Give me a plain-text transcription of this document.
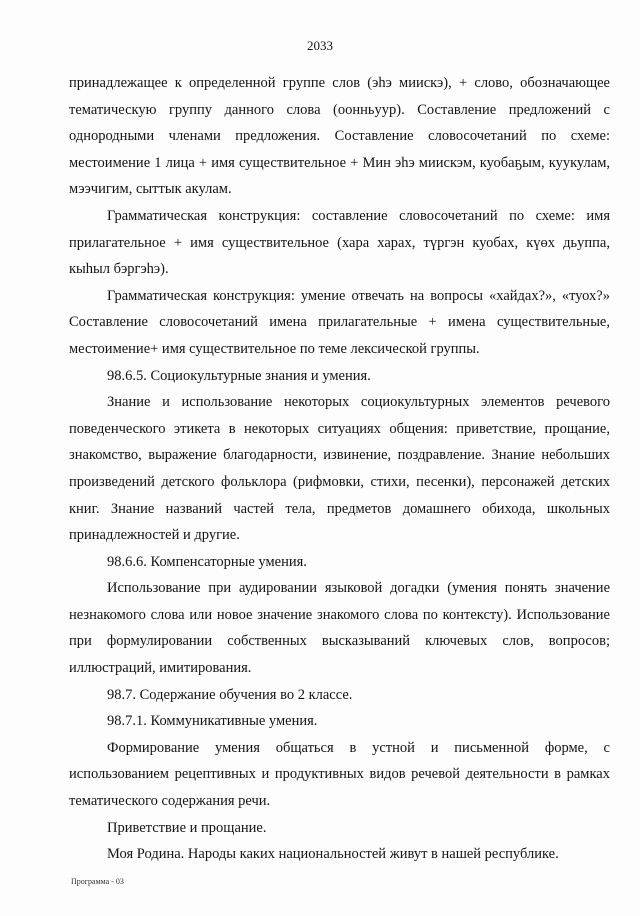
2033

принадлежащее к определенной группе слов (эһэ миискэ), + слово, обозначающее тематическую группу данного слова (оонньуур). Составление предложений с однородными членами предложения. Составление словосочетаний по схеме: местоимение 1 лица + имя существительное + Мин эһэ миискэм, куобаҕым, куукулам, мээчигим, сыттык акулам.

Грамматическая конструкция: составление словосочетаний по схеме: имя прилагательное + имя существительное (хара харах, түргэн куобах, күөх дьуппа, кыһыл бэргэһэ).

Грамматическая конструкция: умение отвечать на вопросы «хайдах?», «туох?» Составление словосочетаний имена прилагательные + имена существительные, местоимение+ имя существительное по теме лексической группы.

98.6.5. Социокультурные знания и умения.

Знание и использование некоторых социокультурных элементов речевого поведенческого этикета в некоторых ситуациях общения: приветствие, прощание, знакомство, выражение благодарности, извинение, поздравление. Знание небольших произведений детского фольклора (рифмовки, стихи, песенки), персонажей детских книг. Знание названий частей тела, предметов домашнего обихода, школьных принадлежностей и другие.

98.6.6. Компенсаторные умения.

Использование при аудировании языковой догадки (умения понять значение незнакомого слова или новое значение знакомого слова по контексту). Использование при формулировании собственных высказываний ключевых слов, вопросов; иллюстраций, имитирования.

98.7. Содержание обучения во 2 классе.

98.7.1. Коммуникативные умения.

Формирование умения общаться в устной и письменной форме, с использованием рецептивных и продуктивных видов речевой деятельности в рамках тематического содержания речи.

Приветствие и прощание.

Моя Родина. Народы каких национальностей живут в нашей республике.

Программа - 03
